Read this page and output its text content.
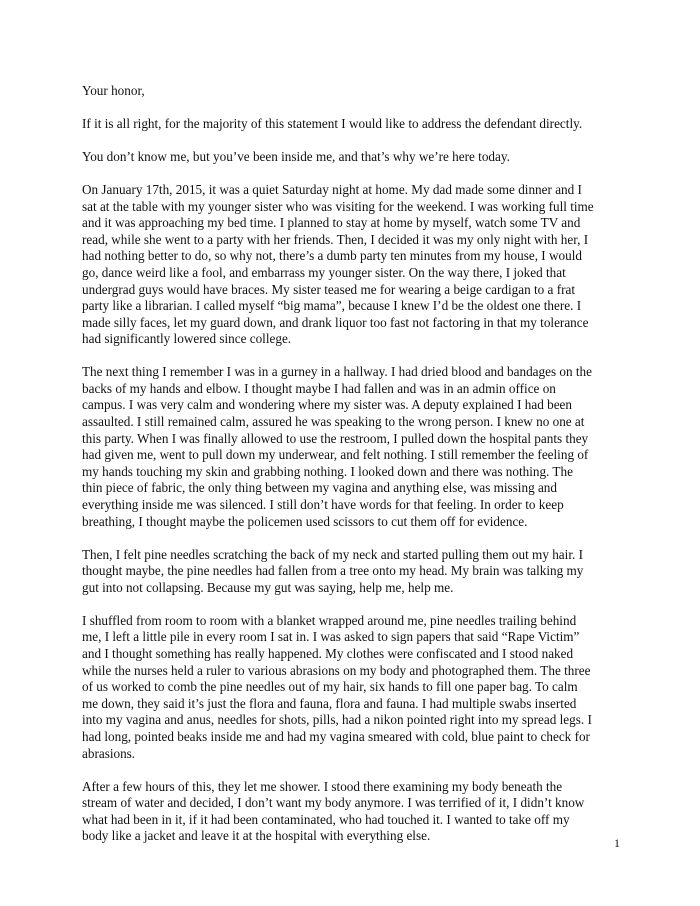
Your honor,
If it is all right, for the majority of this statement I would like to address the defendant directly.
You don’t know me, but you’ve been inside me, and that’s why we’re here today.
On January 17th, 2015, it was a quiet Saturday night at home. My dad made some dinner and I
sat at the table with my younger sister who was visiting for the weekend. I was working full time
and it was approaching my bed time. I planned to stay at home by myself, watch some TV and
read, while she went to a party with her friends. Then, I decided it was my only night with her, I
had nothing better to do, so why not, there’s a dumb party ten minutes from my house, I would
go, dance weird like a fool, and embarrass my younger sister. On the way there, I joked that
undergrad guys would have braces. My sister teased me for wearing a beige cardigan to a frat
party like a librarian. I called myself “big mama”, because I knew I’d be the oldest one there. I
made silly faces, let my guard down, and drank liquor too fast not factoring in that my tolerance
had significantly lowered since college.
The next thing I remember I was in a gurney in a hallway. I had dried blood and bandages on the
backs of my hands and elbow. I thought maybe I had fallen and was in an admin office on
campus. I was very calm and wondering where my sister was. A deputy explained I had been
assaulted. I still remained calm, assured he was speaking to the wrong person. I knew no one at
this party. When I was finally allowed to use the restroom, I pulled down the hospital pants they
had given me, went to pull down my underwear, and felt nothing. I still remember the feeling of
my hands touching my skin and grabbing nothing. I looked down and there was nothing. The
thin piece of fabric, the only thing between my vagina and anything else, was missing and
everything inside me was silenced. I still don’t have words for that feeling. In order to keep
breathing, I thought maybe the policemen used scissors to cut them off for evidence.
Then, I felt pine needles scratching the back of my neck and started pulling them out my hair. I
thought maybe, the pine needles had fallen from a tree onto my head. My brain was talking my
gut into not collapsing. Because my gut was saying, help me, help me.
I shuffled from room to room with a blanket wrapped around me, pine needles trailing behind
me, I left a little pile in every room I sat in. I was asked to sign papers that said “Rape Victim”
and I thought something has really happened. My clothes were confiscated and I stood naked
while the nurses held a ruler to various abrasions on my body and photographed them. The three
of us worked to comb the pine needles out of my hair, six hands to fill one paper bag. To calm
me down, they said it’s just the flora and fauna, flora and fauna. I had multiple swabs inserted
into my vagina and anus, needles for shots, pills, had a nikon pointed right into my spread legs. I
had long, pointed beaks inside me and had my vagina smeared with cold, blue paint to check for
abrasions.
After a few hours of this, they let me shower. I stood there examining my body beneath the
stream of water and decided, I don’t want my body anymore. I was terrified of it, I didn’t know
what had been in it, if it had been contaminated, who had touched it. I wanted to take off my
body like a jacket and leave it at the hospital with everything else.	1
